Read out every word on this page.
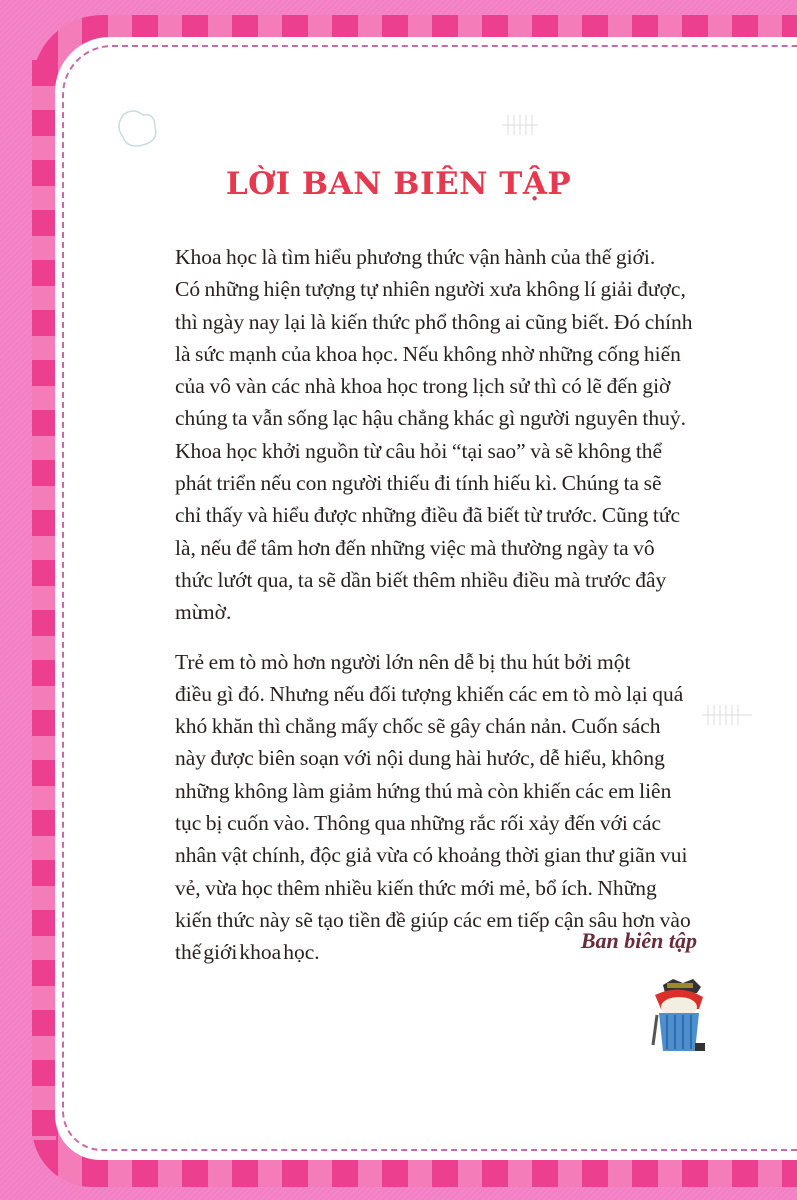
LỜI BAN BIÊN TẬP
Khoa học là tìm hiểu phương thức vận hành của thế giới.
Có những hiện tượng tự nhiên người xưa không lí giải được,
thì ngày nay lại là kiến thức phổ thông ai cũng biết. Đó chính
là sức mạnh của khoa học. Nếu không nhờ những cống hiến
của vô vàn các nhà khoa học trong lịch sử thì có lẽ đến giờ
chúng ta vẫn sống lạc hậu chẳng khác gì người nguyên thuỷ.
Khoa học khởi nguồn từ câu hỏi “tại sao” và sẽ không thể
phát triển nếu con người thiếu đi tính hiếu kì. Chúng ta sẽ
chỉ thấy và hiểu được những điều đã biết từ trước. Cũng tức
là, nếu để tâm hơn đến những việc mà thường ngày ta vô
thức lướt qua, ta sẽ dần biết thêm nhiều điều mà trước đây
mù mờ.
Trẻ em tò mò hơn người lớn nên dễ bị thu hút bởi một
điều gì đó. Nhưng nếu đối tượng khiến các em tò mò lại quá
khó khăn thì chẳng mấy chốc sẽ gây chán nản. Cuốn sách
này được biên soạn với nội dung hài hước, dễ hiểu, không
những không làm giảm hứng thú mà còn khiến các em liên
tục bị cuốn vào. Thông qua những rắc rối xảy đến với các
nhân vật chính, độc giả vừa có khoảng thời gian thư giãn vui
vẻ, vừa học thêm nhiều kiến thức mới mẻ, bổ ích. Những
kiến thức này sẽ tạo tiền đề giúp các em tiếp cận sâu hơn vào
thế giới khoa học.	Ban biên tập
